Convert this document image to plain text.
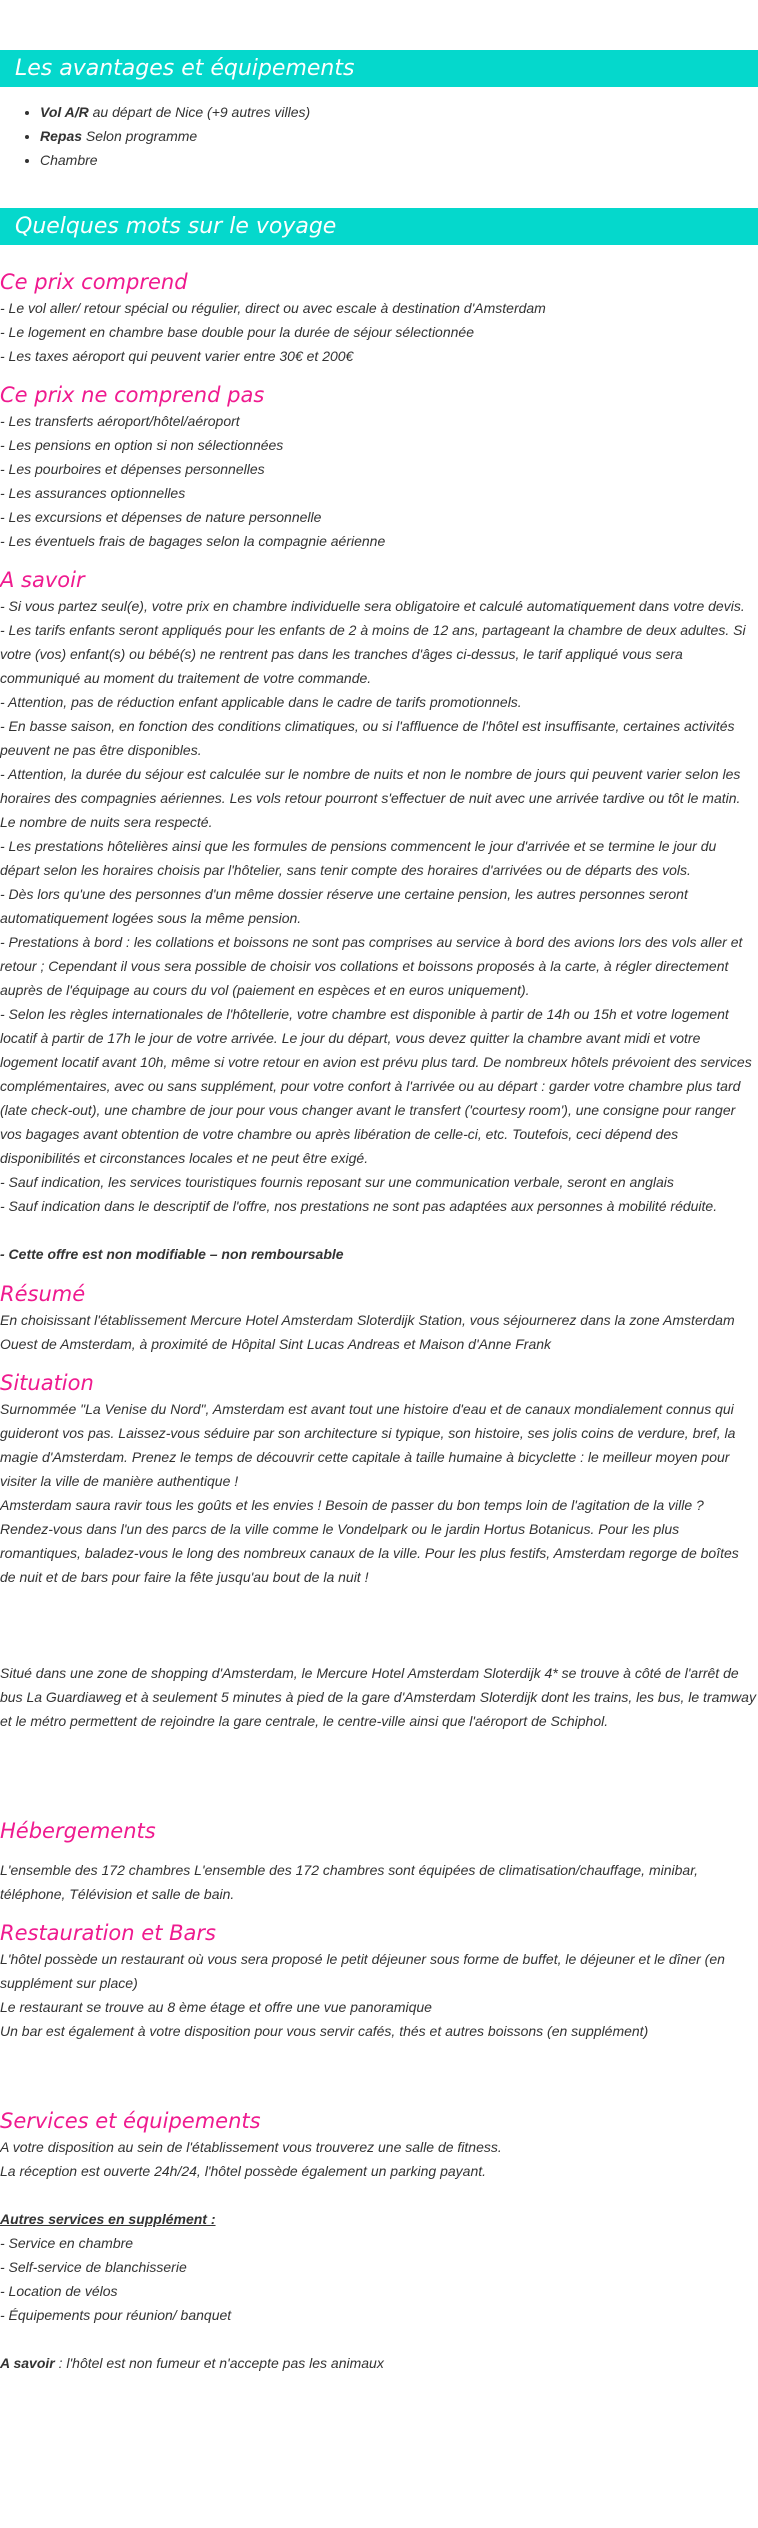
Les avantages et équipements
• Vol A/R au départ de Nice (+9 autres villes)
• Repas Selon programme
• Chambre
Quelques mots sur le voyage
Ce prix comprend

- Le vol aller/ retour spécial ou régulier, direct ou avec escale à destination d'Amsterdam

- Le logement en chambre base double pour la durée de séjour sélectionnée

- Les taxes aéroport qui peuvent varier entre 30€ et 200€

Ce prix ne comprend pas

- Les transferts aéroport/hôtel/aéroport

- Les pensions en option si non sélectionnées

- Les pourboires et dépenses personnelles

- Les assurances optionnelles

- Les excursions et dépenses de nature personnelle

- Les éventuels frais de bagages selon la compagnie aérienne

A savoir

- Si vous partez seul(e), votre prix en chambre individuelle sera obligatoire et calculé automatiquement dans votre devis.

- Les tarifs enfants seront appliqués pour les enfants de 2 à moins de 12 ans, partageant la chambre de deux adultes. Si votre (vos) enfant(s) ou bébé(s) ne rentrent pas dans les tranches d'âges ci-dessus, le tarif appliqué vous sera communiqué au moment du traitement de votre commande.

- Attention, pas de réduction enfant applicable dans le cadre de tarifs promotionnels.

- En basse saison, en fonction des conditions climatiques, ou si l'affluence de l'hôtel est insuffisante, certaines activités peuvent ne pas être disponibles.

- Attention, la durée du séjour est calculée sur le nombre de nuits et non le nombre de jours qui peuvent varier selon les horaires des compagnies aériennes. Les vols retour pourront s'effectuer de nuit avec une arrivée tardive ou tôt le matin. Le nombre de nuits sera respecté.

- Les prestations hôtelières ainsi que les formules de pensions commencent le jour d'arrivée et se termine le jour du départ selon les horaires choisis par l'hôtelier, sans tenir compte des horaires d'arrivées ou de départs des vols.

- Dès lors qu'une des personnes d'un même dossier réserve une certaine pension, les autres personnes seront automatiquement logées sous la même pension.

- Prestations à bord : les collations et boissons ne sont pas comprises au service à bord des avions lors des vols aller et retour ; Cependant il vous sera possible de choisir vos collations et boissons proposés à la carte, à régler directement auprès de l'équipage au cours du vol (paiement en espèces et en euros uniquement).

- Selon les règles internationales de l'hôtellerie, votre chambre est disponible à partir de 14h ou 15h et votre logement locatif à partir de 17h le jour de votre arrivée. Le jour du départ, vous devez quitter la chambre avant midi et votre logement locatif avant 10h, même si votre retour en avion est prévu plus tard. De nombreux hôtels prévoient des services complémentaires, avec ou sans supplément, pour votre confort à l'arrivée ou au départ : garder votre chambre plus tard (late check-out), une chambre de jour pour vous changer avant le transfert ('courtesy room'), une consigne pour ranger vos bagages avant obtention de votre chambre ou après libération de celle-ci, etc. Toutefois, ceci dépend des disponibilités et circonstances locales et ne peut être exigé.

- Sauf indication, les services touristiques fournis reposant sur une communication verbale, seront en anglais

- Sauf indication dans le descriptif de l'offre, nos prestations ne sont pas adaptées aux personnes à mobilité réduite.

- Cette offre est non modifiable – non remboursable

Résumé

En choisissant l'établissement Mercure Hotel Amsterdam Sloterdijk Station, vous séjournerez dans la zone Amsterdam Ouest de Amsterdam, à proximité de Hôpital Sint Lucas Andreas et Maison d'Anne Frank

Situation

Surnommée "La Venise du Nord", Amsterdam est avant tout une histoire d'eau et de canaux mondialement connus qui guideront vos pas. Laissez-vous séduire par son architecture si typique, son histoire, ses jolis coins de verdure, bref, la magie d'Amsterdam. Prenez le temps de découvrir cette capitale à taille humaine à bicyclette : le meilleur moyen pour visiter la ville de manière authentique !

Amsterdam saura ravir tous les goûts et les envies ! Besoin de passer du bon temps loin de l'agitation de la ville ? Rendez-vous dans l'un des parcs de la ville comme le Vondelpark ou le jardin Hortus Botanicus. Pour les plus romantiques, baladez-vous le long des nombreux canaux de la ville. Pour les plus festifs, Amsterdam regorge de boîtes de nuit et de bars pour faire la fête jusqu'au bout de la nuit !

Situé dans une zone de shopping d'Amsterdam, le Mercure Hotel Amsterdam Sloterdijk 4* se trouve à côté de l'arrêt de bus La Guardiaweg et à seulement 5 minutes à pied de la gare d'Amsterdam Sloterdijk dont les trains, les bus, le tramway et le métro permettent de rejoindre la gare centrale, le centre-ville ainsi que l'aéroport de Schiphol.

Hébergements

L'ensemble des 172 chambres L'ensemble des 172 chambres sont équipées de climatisation/chauffage, minibar, téléphone, Télévision et salle de bain.

Restauration et Bars

L'hôtel possède un restaurant où vous sera proposé le petit déjeuner sous forme de buffet, le déjeuner et le dîner (en supplément sur place)

Le restaurant se trouve au 8 ème étage et offre une vue panoramique

Un bar est également à votre disposition pour vous servir cafés, thés et autres boissons (en supplément)

Services et équipements

A votre disposition au sein de l'établissement vous trouverez une salle de fitness.

La réception est ouverte 24h/24, l'hôtel possède également un parking payant.

Autres services en supplément :

- Service en chambre

- Self-service de blanchisserie

- Location de vélos

- Équipements pour réunion/ banquet

A savoir : l'hôtel est non fumeur et n'accepte pas les animaux
